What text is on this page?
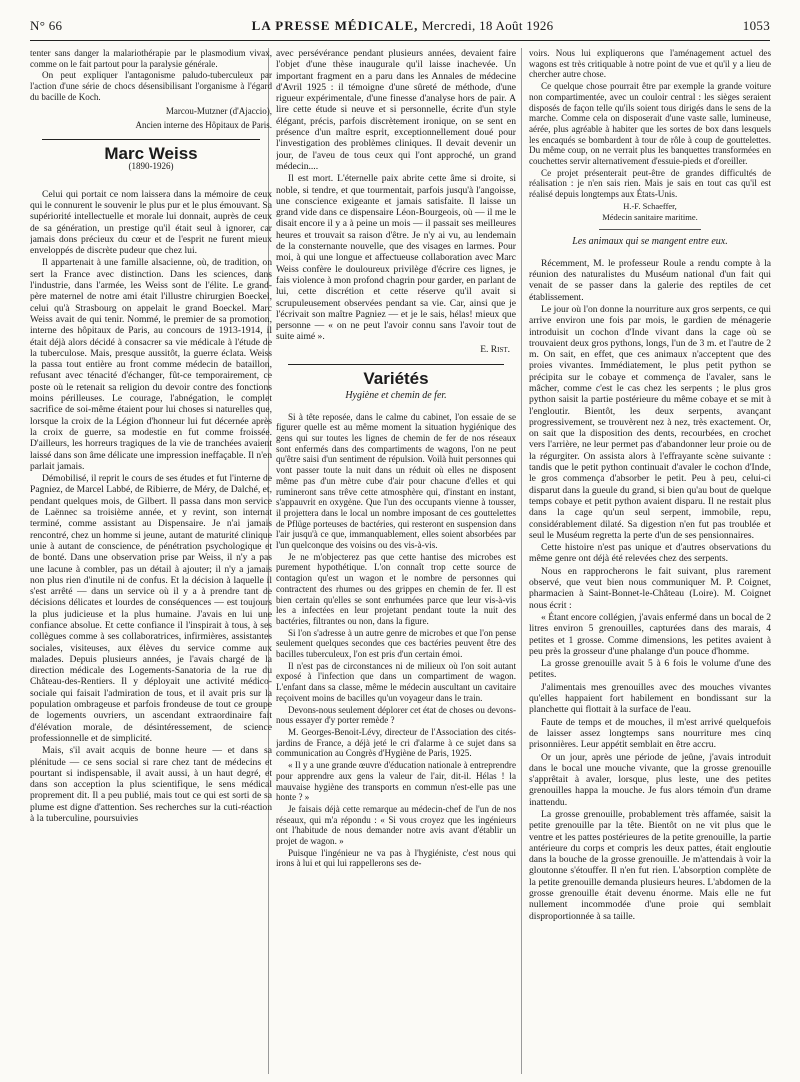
N° 66	LA PRESSE MÉDICALE, Mercredi, 18 Août 1926	1053

tenter sans danger la malariothérapie par le plasmodium vivax, comme on le fait partout pour la paralysie générale.

On peut expliquer l'antagonisme paludo-tuberculeux par l'action d'une série de chocs désensibilisant l'organisme à l'égard du bacille de Koch.

Marcou-Mutzner (d'Ajaccio),

Ancien interne des Hôpitaux de Paris.

Marc Weiss
(1890-1926)

Celui qui portait ce nom laissera dans la mémoire de ceux qui le connurent le souvenir le plus pur et le plus émouvant. Sa supériorité intellectuelle et morale lui donnait, auprès de ceux de sa génération, un prestige qu'il était seul à ignorer, car jamais dons précieux du cœur et de l'esprit ne furent mieux enveloppés de discrète pudeur que chez lui.

Il appartenait à une famille alsacienne, où, de tradition, on sert la France avec distinction. Dans les sciences, dans l'industrie, dans l'armée, les Weiss sont de l'élite. Le grand-père maternel de notre ami était l'illustre chirurgien Boeckel, celui qu'à Strasbourg on appelait le grand Boeckel. Marc Weiss avait de qui tenir. Nommé, le premier de sa promotion, interne des hôpitaux de Paris, au concours de 1913-1914, il était déjà alors décidé à consacrer sa vie médicale à l'étude de la tuberculose. Mais, presque aussitôt, la guerre éclata. Weiss la passa tout entière au front comme médecin de bataillon, refusant avec ténacité d'échanger, fût-ce temporairement, ce poste où le retenait sa religion du devoir contre des fonctions moins périlleuses. Le courage, l'abnégation, le complet sacrifice de soi-même étaient pour lui choses si naturelles que, lorsque la croix de la Légion d'honneur lui fut décernée après la croix de guerre, sa modestie en fut comme froissée. D'ailleurs, les horreurs tragiques de la vie de tranchées avaient laissé dans son âme délicate une impression ineffaçable. Il n'en parlait jamais.

Démobilisé, il reprit le cours de ses études et fut l'interne de Pagniez, de Marcel Labbé, de Ribierre, de Méry, de Dalché, et, pendant quelques mois, de Gilbert. Il passa dans mon service de Laënnec sa troisième année, et y revint, son internat terminé, comme assistant au Dispensaire. Je n'ai jamais rencontré, chez un homme si jeune, autant de maturité clinique unie à autant de conscience, de pénétration psychologique et de bonté. Dans une observation prise par Weiss, il n'y a pas une lacune à combler, pas un détail à ajouter; il n'y a jamais non plus rien d'inutile ni de confus. Et la décision à laquelle il s'est arrêté — dans un service où il y a à prendre tant de décisions délicates et lourdes de conséquences — est toujours la plus judicieuse et la plus humaine. J'avais en lui une confiance absolue. Et cette confiance il l'inspirait à tous, à ses collègues comme à ses collaboratrices, infirmières, assistantes sociales, visiteuses, aux élèves du service comme aux malades. Depuis plusieurs années, je l'avais chargé de la direction médicale des Logements-Sanatoria de la rue du Château-des-Rentiers. Il y déployait une activité médico-sociale qui faisait l'admiration de tous, et il avait pris sur la population ombrageuse et parfois frondeuse de tout ce groupe de logements ouvriers, un ascendant extraordinaire fait d'élévation morale, de désintéressement, de science professionnelle et de simplicité.

Mais, s'il avait acquis de bonne heure — et dans sa plénitude — ce sens social si rare chez tant de médecins et pourtant si indispensable, il avait aussi, à un haut degré, et dans son acception la plus scientifique, le sens médical proprement dit. Il a peu publié, mais tout ce qui est sorti de sa plume est digne d'attention. Ses recherches sur la cuti-réaction à la tuberculine, poursuivies

avec persévérance pendant plusieurs années, devaient faire l'objet d'une thèse inaugurale qu'il laisse inachevée. Un important fragment en a paru dans les Annales de médecine d'Avril 1925 : il témoigne d'une sûreté de méthode, d'une rigueur expérimentale, d'une finesse d'analyse hors de pair. A lire cette étude si neuve et si personnelle, écrite d'un style élégant, précis, parfois discrètement ironique, on se sent en présence d'un maître esprit, exceptionnellement doué pour l'investigation des problèmes cliniques. Il devait devenir un jour, de l'aveu de tous ceux qui l'ont approché, un grand médecin....

Il est mort. L'éternelle paix abrite cette âme si droite, si noble, si tendre, et que tourmentait, parfois jusqu'à l'angoisse, une conscience exigeante et jamais satisfaite. Il laisse un grand vide dans ce dispensaire Léon-Bourgeois, où — il me le disait encore il y a à peine un mois — il passait ses meilleures heures et trouvait sa raison d'être. Je n'y ai vu, au lendemain de la consternante nouvelle, que des visages en larmes. Pour moi, à qui une longue et affectueuse collaboration avec Marc Weiss confère le douloureux privilège d'écrire ces lignes, je fais violence à mon profond chagrin pour garder, en parlant de lui, cette discrétion et cette réserve qu'il avait si scrupuleusement observées pendant sa vie. Car, ainsi que je l'écrivait son maître Pagniez — et je le sais, hélas! mieux que personne — « on ne peut l'avoir connu sans l'avoir tout de suite aimé ».

E. Rist.

Variétés
Hygiène et chemin de fer.

Si à tête reposée, dans le calme du cabinet, l'on essaie de se figurer quelle est au même moment la situation hygiénique des gens qui sur toutes les lignes de chemin de fer de nos réseaux sont enfermés dans des compartiments de wagons, l'on ne peut qu'être saisi d'un sentiment de répulsion. Voilà huit personnes qui vont passer toute la nuit dans un réduit où elles ne disposent même pas d'un mètre cube d'air pour chacune d'elles et qui rumineront sans trêve cette atmosphère qui, d'instant en instant, s'appauvrit en oxygène. Que l'un des occupants vienne à tousser, il projettera dans le local un nombre imposant de ces gouttelettes de Pflüge porteuses de bactéries, qui resteront en suspension dans l'air jusqu'à ce que, immanquablement, elles soient absorbées par l'un quelconque des voisins ou des vis-à-vis.

Je ne m'objecterez pas que cette hantise des microbes est purement hypothétique. L'on connaît trop cette source de contagion qu'est un wagon et le nombre de personnes qui contractent des rhumes ou des grippes en chemin de fer. Il est bien certain qu'elles se sont enrhumées parce que leur vis-à-vis les a infectées en leur projetant pendant toute la nuit des bactéries, filtrantes ou non, dans la figure.

Si l'on s'adresse à un autre genre de microbes et que l'on pense seulement quelques secondes que ces bactéries peuvent être des bacilles tuberculeux, l'on est pris d'un certain émoi.

Il n'est pas de circonstances ni de milieux où l'on soit autant exposé à l'infection que dans un compartiment de wagon. L'enfant dans sa classe, même le médecin auscultant un cavitaire reçoivent moins de bacilles qu'un voyageur dans le train.

Devons-nous seulement déplorer cet état de choses ou devons-nous essayer d'y porter remède ?

M. Georges-Benoit-Lévy, directeur de l'Association des cités-jardins de France, a déjà jeté le cri d'alarme à ce sujet dans sa communication au Congrès d'Hygiène de Paris, 1925.

« Il y a une grande œuvre d'éducation nationale à entreprendre pour apprendre aux gens la valeur de l'air, dit-il. Hélas ! la mauvaise hygiène des transports en commun n'est-elle pas une honte ? »

Je faisais déjà cette remarque au médecin-chef de l'un de nos réseaux, qui m'a répondu : « Si vous croyez que les ingénieurs ont l'habitude de nous demander notre avis avant d'établir un projet de wagon. »

Puisque l'ingénieur ne va pas à l'hygiéniste, c'est nous qui irons à lui et qui lui rappellerons ses de-

voirs. Nous lui expliquerons que l'aménagement actuel des wagons est très critiquable à notre point de vue et qu'il y a lieu de chercher autre chose.

Ce quelque chose pourrait être par exemple la grande voiture non compartimentée, avec un couloir central : les sièges seraient disposés de façon telle qu'ils soient tous dirigés dans le sens de la marche. Comme cela on disposerait d'une vaste salle, lumineuse, aérée, plus agréable à habiter que les sortes de box dans lesquels les encaqués se bombardent à tour de rôle à coup de gouttelettes. Du même coup, on ne verrait plus les banquettes transformées en couchettes servir alternativement d'essuie-pieds et d'oreiller.

Ce projet présenterait peut-être de grandes difficultés de réalisation : je n'en sais rien. Mais je sais en tout cas qu'il est réalisé depuis longtemps aux États-Unis.

H.-F. Schaeffer,

Médecin sanitaire maritime.

Les animaux qui se mangent entre eux.

Récemment, M. le professeur Roule a rendu compte à la réunion des naturalistes du Muséum national d'un fait qui venait de se passer dans la galerie des reptiles de cet établissement.

Le jour où l'on donne la nourriture aux gros serpents, ce qui arrive environ une fois par mois, le gardien de ménagerie introduisit un cochon d'Inde vivant dans la cage où se trouvaient deux gros pythons, longs, l'un de 3 m. et l'autre de 2 m. On sait, en effet, que ces animaux n'acceptent que des proies vivantes. Immédiatement, le plus petit python se précipita sur le cobaye et commença de l'avaler, sans le mâcher, comme c'est le cas chez les serpents ; le plus gros python saisit la partie postérieure du même cobaye et se mit à l'engloutir. Bientôt, les deux serpents, avançant progressivement, se trouvèrent nez à nez, très exactement. Or, on sait que la disposition des dents, recourbées, en crochet vers l'arrière, ne leur permet pas d'abandonner leur proie ou de la régurgiter. On assista alors à l'effrayante scène suivante : tandis que le petit python continuait d'avaler le cochon d'Inde, le gros commença d'absorber le petit. Peu à peu, celui-ci disparut dans la gueule du grand, si bien qu'au bout de quelque temps cobaye et petit python avaient disparu. Il ne restait plus dans la cage qu'un seul serpent, immobile, repu, considérablement dilaté. Sa digestion n'en fut pas troublée et seul le Muséum regretta la perte d'un de ses pensionnaires.

Cette histoire n'est pas unique et d'autres observations du même genre ont déjà été relevées chez des serpents.

Nous en rapprocherons le fait suivant, plus rarement observé, que veut bien nous communiquer M. P. Coignet, pharmacien à Saint-Bonnet-le-Château (Loire). M. Coignet nous écrit :

« Étant encore collégien, j'avais enfermé dans un bocal de 2 litres environ 5 grenouilles, capturées dans des marais, 4 petites et 1 grosse. Comme dimensions, les petites avaient à peu près la grosseur d'une phalange d'un pouce d'homme.

La grosse grenouille avait 5 à 6 fois le volume d'une des petites.

J'alimentais mes grenouilles avec des mouches vivantes qu'elles happaient fort habilement en bondissant sur la planchette qui flottait à la surface de l'eau.

Faute de temps et de mouches, il m'est arrivé quelquefois de laisser assez longtemps sans nourriture mes cinq prisonnières. Leur appétit semblait en être accru.

Or un jour, après une période de jeûne, j'avais introduit dans le bocal une mouche vivante, que la grosse grenouille s'apprêtait à avaler, lorsque, plus leste, une des petites grenouilles happa la mouche. Je fus alors témoin d'un drame inattendu.

La grosse grenouille, probablement très affamée, saisit la petite grenouille par la tête. Bientôt on ne vit plus que le ventre et les pattes postérieures de la petite grenouille, la partie antérieure du corps et compris les deux pattes, était engloutie dans la bouche de la grosse grenouille. Je m'attendais à voir la gloutonne s'étouffer. Il n'en fut rien. L'absorption complète de la petite grenouille demanda plusieurs heures. L'abdomen de la grosse grenouille était devenu énorme. Mais elle ne fut nullement incommodée d'une proie qui semblait disproportionnée à sa taille.
